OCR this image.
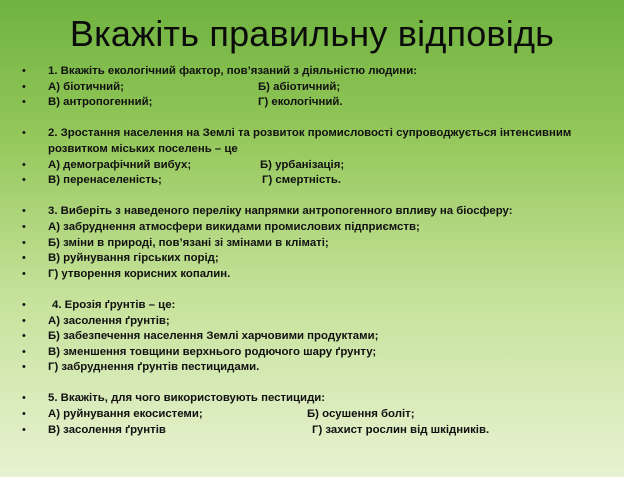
Вкажіть правильну відповідь
• 1. Вкажіть екологічний фактор, пов’язаний з діяльністю людини:
• А) біотичний;	Б) абіотичний;
• В) антропогенний;	Г) екологічний.
• 2. Зростання населення на Землі та розвиток промисловості супроводжується інтенсивним розвитком міських поселень – це
• А) демографічний вибух;	Б) урбанізація;
• В) перенаселеність;	Г) смертність.
• 3. Виберіть з наведеного переліку напрямки антропогенного впливу на біосферу:
• А) забруднення атмосфери викидами промислових підприємств;
• Б) зміни в природі, пов’язані зі змінами в кліматі;
• В) руйнування гірських порід;
• Г) утворення корисних копалин.
• 4. Ерозія ґрунтів – це:
• А) засолення ґрунтів;
• Б) забезпечення населення Землі харчовими продуктами;
• В) зменшення товщини верхнього родючого шару ґрунту;
• Г) забруднення ґрунтів пестицидами.
• 5. Вкажіть, для чого використовують пестициди:
• А) руйнування екосистеми;	Б) осушення боліт;
• В) засолення ґрунтів	Г) захист рослин від шкідників.
